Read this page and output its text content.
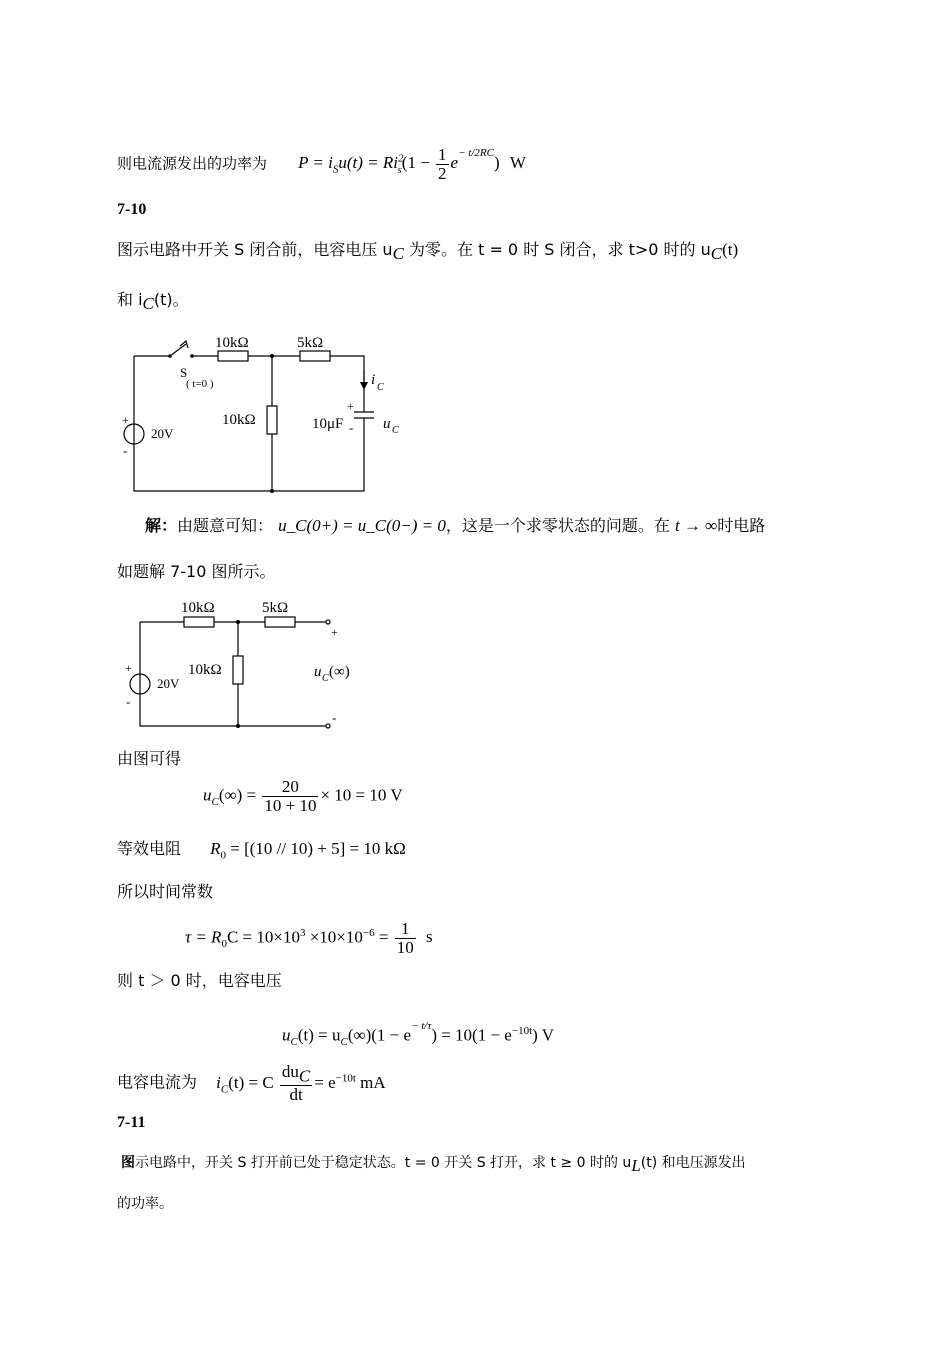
则电流源发出的功率为 $P = i_Su(t) = Ri^2_s(1 - \frac{1}{2} e^{- t/2RC})$ W
7-10
图示电路中开关 S 闭合前，电容电压 $u_C$ 为零。在 t = 0 时 S 闭合，求 t>0 时的 $u_C(t)$
和 $i_C(t)$。
10kΩ	5kΩ
S
( t=0 )
10kΩ	10μF
20V
+
-
+
-
i C
u C
解：由题意可知： u_C(0+) = u_C(0−) = 0，这是一个求零状态的问题。在 t → ∞时电路
如题解 7-10 图所示。
10kΩ	5kΩ
10kΩ
20V
+
-
+
-
u C (∞)
由图可得
$u_C(\infty) = \frac{20}{10 + 10} \times 10 = 10$ V
等效电阻 $R_0 = [(10 // 10) + 5] = 10$ kΩ
所以时间常数
$\tau = R_0C = 10\times 10^3 \times 10\times 10^{-6} = \frac{1}{10}$ s
则 t ＞ 0 时，电容电压
$u_C(t) = u_C(\infty)(1 - e^{- t/\tau}) = 10(1 - e^{-10t})$ V
电容电流为 $i_C(t) = C \frac{du_C}{dt} = e^{-10t}$ mA
7-11
图示电路中，开关 S 打开前已处于稳定状态。t = 0 开关 S 打开，求 t ≥ 0 时的 $u_L(t)$ 和电压源发出
的功率。
